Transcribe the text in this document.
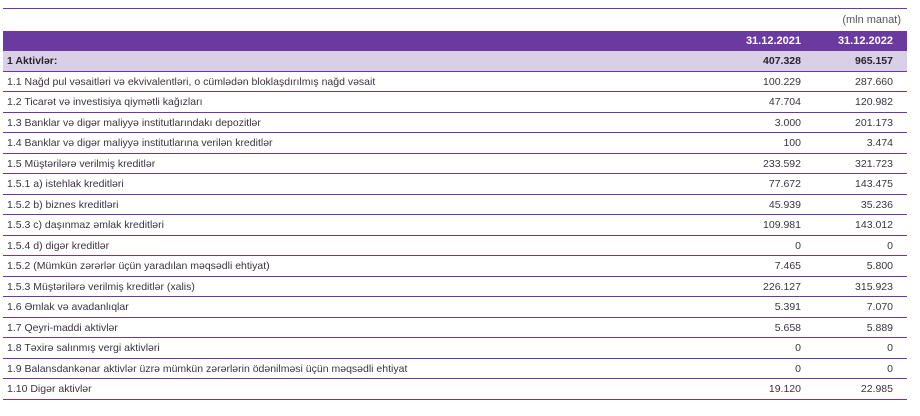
(mln manat)
31.12.2021	31.12.2022
1 Aktivlər:	407.328	965.157
1.1 Nağd pul vəsaitləri və ekvivalentləri, o cümlədən bloklaşdırılmış nağd vəsait	100.229	287.660
1.2 Ticarət və investisiya qiymətli kağızları	47.704	120.982
1.3 Banklar və digər maliyyə institutlarındakı depozitlər	3.000	201.173
1.4 Banklar və digər maliyyə institutlarına verilən kreditlər	100	3.474
1.5 Müştərilərə verilmiş kreditlər	233.592	321.723
1.5.1 a) istehlak kreditləri	77.672	143.475
1.5.2 b) biznes kreditləri	45.939	35.236
1.5.3 c) daşınmaz əmlak kreditləri	109.981	143.012
1.5.4 d) digər kreditlər	0	0
1.5.2 (Mümkün zərərlər üçün yaradılan məqsədli ehtiyat)	7.465	5.800
1.5.3 Müştərilərə verilmiş kreditlər (xalis)	226.127	315.923
1.6 Əmlak və avadanlıqlar	5.391	7.070
1.7 Qeyri-maddi aktivlər	5.658	5.889
1.8 Təxirə salınmış vergi aktivləri	0	0
1.9 Balansdankənar aktivlər üzrə mümkün zərərlərin ödənilməsi üçün məqsədli ehtiyat	0	0
1.10 Digər aktivlər	19.120	22.985
